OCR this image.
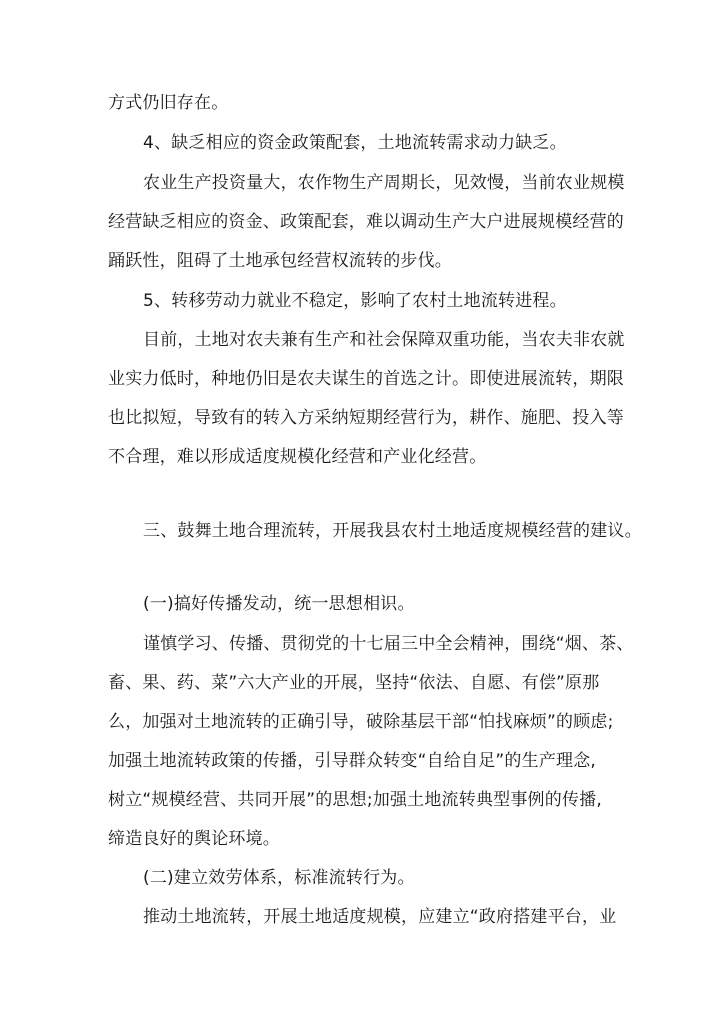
方式仍旧存在。
4、缺乏相应的资金政策配套，土地流转需求动力缺乏。
农业生产投资量大，农作物生产周期长，见效慢，当前农业规模
经营缺乏相应的资金、政策配套，难以调动生产大户进展规模经营的
踊跃性，阻碍了土地承包经营权流转的步伐。
5、转移劳动力就业不稳定，影响了农村土地流转进程。
目前，土地对农夫兼有生产和社会保障双重功能，当农夫非农就
业实力低时，种地仍旧是农夫谋生的首选之计。即使进展流转，期限
也比拟短，导致有的转入方采纳短期经营行为，耕作、施肥、投入等
不合理，难以形成适度规模化经营和产业化经营。
三、鼓舞土地合理流转，开展我县农村土地适度规模经营的建议。
(一)搞好传播发动，统一思想相识。
谨慎学习、传播、贯彻党的十七届三中全会精神，围绕“烟、茶、
畜、果、药、菜”六大产业的开展，坚持“依法、自愿、有偿”原那
么，加强对土地流转的正确引导，破除基层干部“怕找麻烦”的顾虑;
加强土地流转政策的传播，引导群众转变“自给自足”的生产理念,
树立“规模经营、共同开展”的思想;加强土地流转典型事例的传播,
缔造良好的舆论环境。
(二)建立效劳体系，标准流转行为。
推动土地流转，开展土地适度规模，应建立“政府搭建平台，业
